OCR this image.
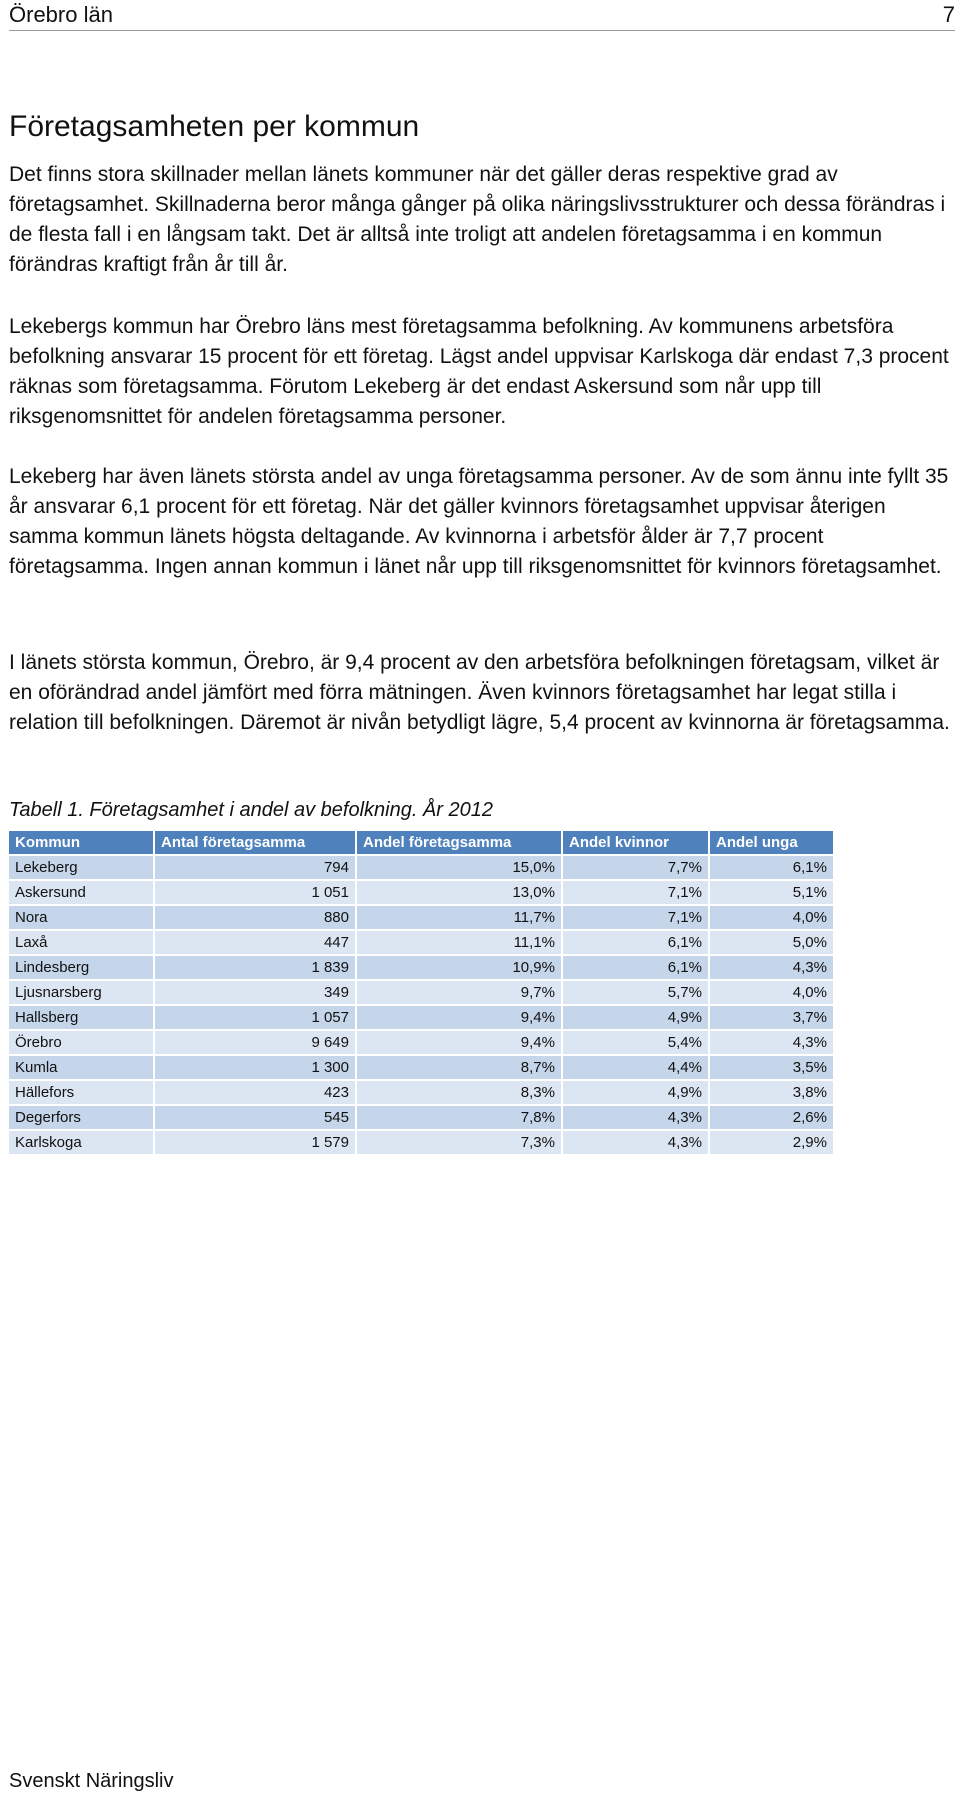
Örebro län	7
Företagsamheten per kommun

Det finns stora skillnader mellan länets kommuner när det gäller deras respektive grad av företagsamhet. Skillnaderna beror många gånger på olika näringslivsstrukturer och dessa förändras i de flesta fall i en långsam takt. Det är alltså inte troligt att andelen företagsamma i en kommun förändras kraftigt från år till år.

Lekebergs kommun har Örebro läns mest företagsamma befolkning. Av kommunens arbetsföra befolkning ansvarar 15 procent för ett företag. Lägst andel uppvisar Karlskoga där endast 7,3 procent räknas som företagsamma. Förutom Lekeberg är det endast Askersund som når upp till riksgenomsnittet för andelen företagsamma personer.

Lekeberg har även länets största andel av unga företagsamma personer. Av de som ännu inte fyllt 35 år ansvarar 6,1 procent för ett företag. När det gäller kvinnors företagsamhet uppvisar återigen samma kommun länets högsta deltagande. Av kvinnorna i arbetsför ålder är 7,7 procent företagsamma. Ingen annan kommun i länet når upp till riksgenomsnittet för kvinnors företagsamhet.

I länets största kommun, Örebro, är 9,4 procent av den arbetsföra befolkningen företagsam, vilket är en oförändrad andel jämfört med förra mätningen. Även kvinnors företagsamhet har legat stilla i relation till befolkningen. Däremot är nivån betydligt lägre, 5,4 procent av kvinnorna är företagsamma.

Tabell 1. Företagsamhet i andel av befolkning. År 2012

Kommun	Antal företagsamma	Andel företagsamma	Andel kvinnor	Andel unga
Lekeberg	794	15,0%	7,7%	6,1%
Askersund	1 051	13,0%	7,1%	5,1%
Nora	880	11,7%	7,1%	4,0%
Laxå	447	11,1%	6,1%	5,0%
Lindesberg	1 839	10,9%	6,1%	4,3%
Ljusnarsberg	349	9,7%	5,7%	4,0%
Hallsberg	1 057	9,4%	4,9%	3,7%
Örebro	9 649	9,4%	5,4%	4,3%
Kumla	1 300	8,7%	4,4%	3,5%
Hällefors	423	8,3%	4,9%	3,8%
Degerfors	545	7,8%	4,3%	2,6%
Karlskoga	1 579	7,3%	4,3%	2,9%
Svenskt Näringsliv
